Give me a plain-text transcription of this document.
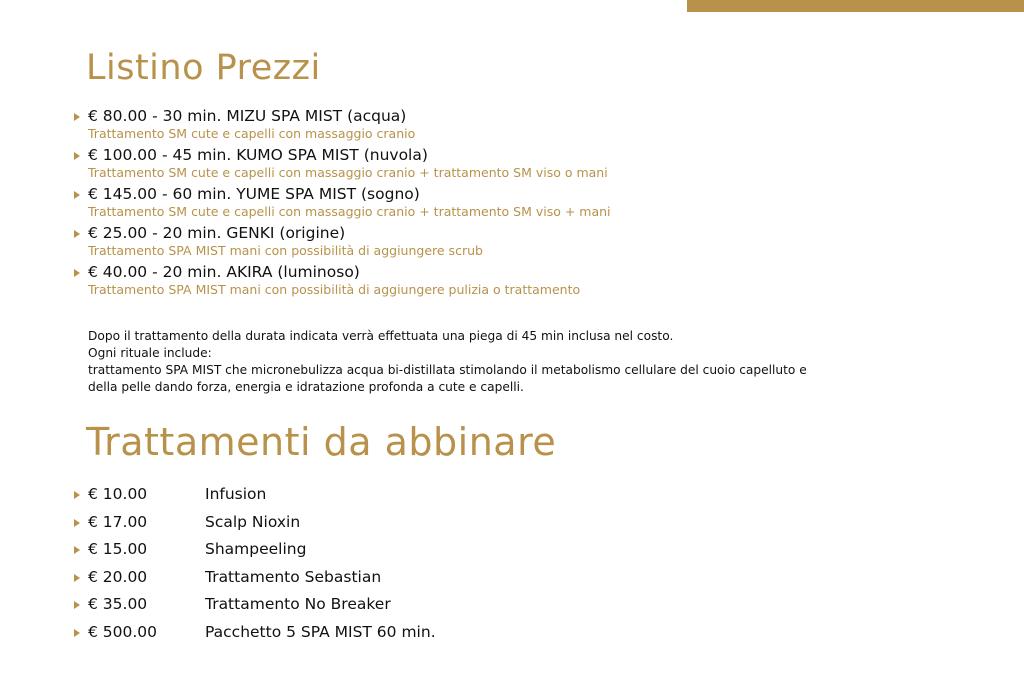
Listino Prezzi
€ 80.00 - 30 min. MIZU SPA MIST (acqua)
Trattamento SM cute e capelli con massaggio cranio
€ 100.00 - 45 min. KUMO SPA MIST (nuvola)
Trattamento SM cute e capelli con massaggio cranio + trattamento SM viso o mani
€ 145.00 - 60 min. YUME SPA MIST (sogno)
Trattamento SM cute e capelli con massaggio cranio + trattamento SM viso + mani
€ 25.00 - 20 min. GENKI (origine)
Trattamento SPA MIST mani con possibilità di aggiungere scrub
€ 40.00 - 20 min. AKIRA (luminoso)
Trattamento SPA MIST mani con possibilità di aggiungere pulizia o trattamento
Dopo il trattamento della durata indicata verrà effettuata una piega di 45 min inclusa nel costo.
Ogni rituale include:
trattamento SPA MIST che micronebulizza acqua bi-distillata stimolando il metabolismo cellulare del cuoio capelluto e
della pelle dando forza, energia e idratazione profonda a cute e capelli.
Trattamenti da abbinare
€ 10.00	Infusion
€ 17.00	Scalp Nioxin
€ 15.00	Shampeeling
€ 20.00	Trattamento Sebastian
€ 35.00	Trattamento No Breaker
€ 500.00	Pacchetto 5 SPA MIST 60 min.
